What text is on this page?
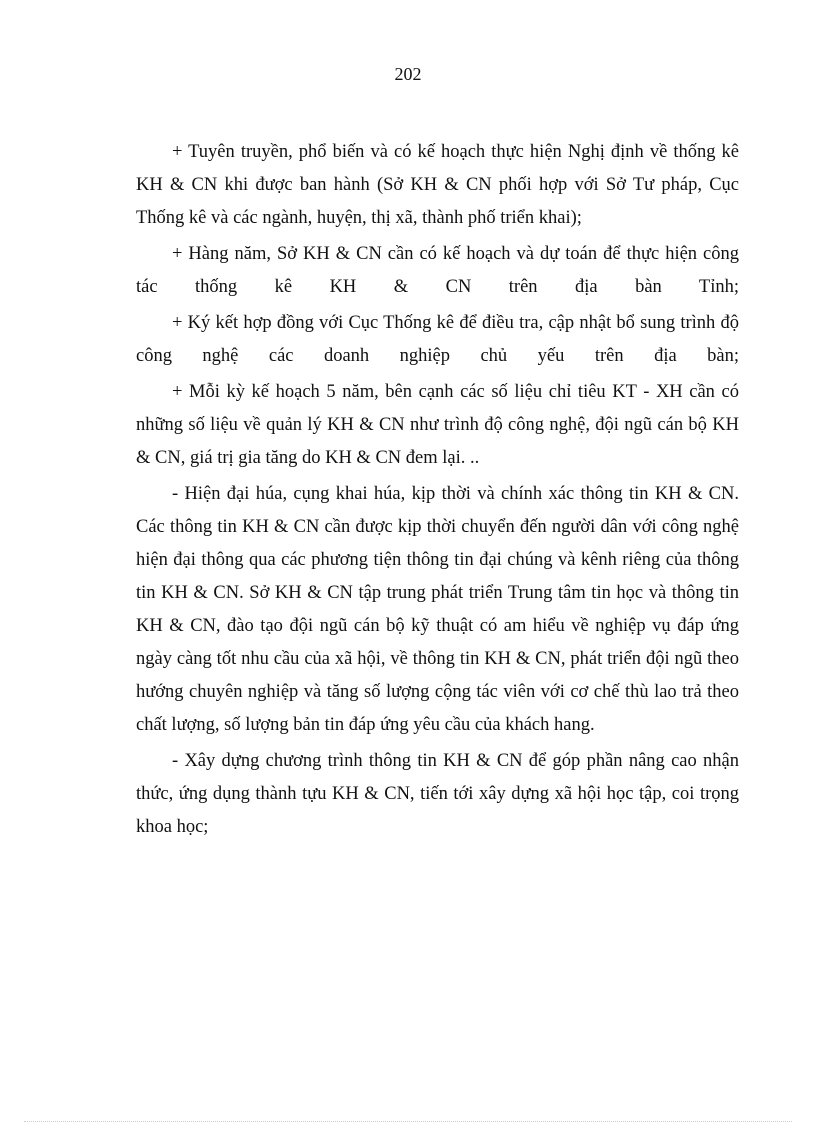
202

+ Tuyên truyền, phổ biến và có kế hoạch thực hiện Nghị định về thống kê KH & CN khi được ban hành (Sở KH & CN phối hợp với Sở Tư pháp, Cục Thống kê và các ngành, huyện, thị xã, thành phố triển khai);

+ Hàng năm, Sở KH & CN cần có kế hoạch và dự toán để thực hiện công tác thống kê KH & CN trên địa bàn Tỉnh;

+ Ký kết hợp đồng với Cục Thống kê để điều tra, cập nhật bổ sung trình độ công nghệ các doanh nghiệp chủ yếu trên địa bàn;

+ Mỗi kỳ kế hoạch 5 năm, bên cạnh các số liệu chỉ tiêu KT - XH cần có những số liệu về quản lý KH & CN như trình độ công nghệ, đội ngũ cán bộ KH & CN, giá trị gia tăng do KH & CN đem lại. ..

- Hiện đại húa, cụng khai húa, kịp thời và chính xác thông tin KH & CN. Các thông tin KH & CN cần được kịp thời chuyển đến người dân với công nghệ hiện đại thông qua các phương tiện thông tin đại chúng và kênh riêng của thông tin KH & CN. Sở KH & CN tập trung phát triển Trung tâm tin học và thông tin KH & CN, đào tạo đội ngũ cán bộ kỹ thuật có am hiểu về nghiệp vụ đáp ứng ngày càng tốt nhu cầu của xã hội, về thông tin KH & CN, phát triển đội ngũ theo hướng chuyên nghiệp và tăng số lượng cộng tác viên với cơ chế thù lao trả theo chất lượng, số lượng bản tin đáp ứng yêu cầu của khách hang.

- Xây dựng chương trình thông tin KH & CN để góp phần nâng cao nhận thức, ứng dụng thành tựu KH & CN, tiến tới xây dựng xã hội học tập, coi trọng khoa học;
